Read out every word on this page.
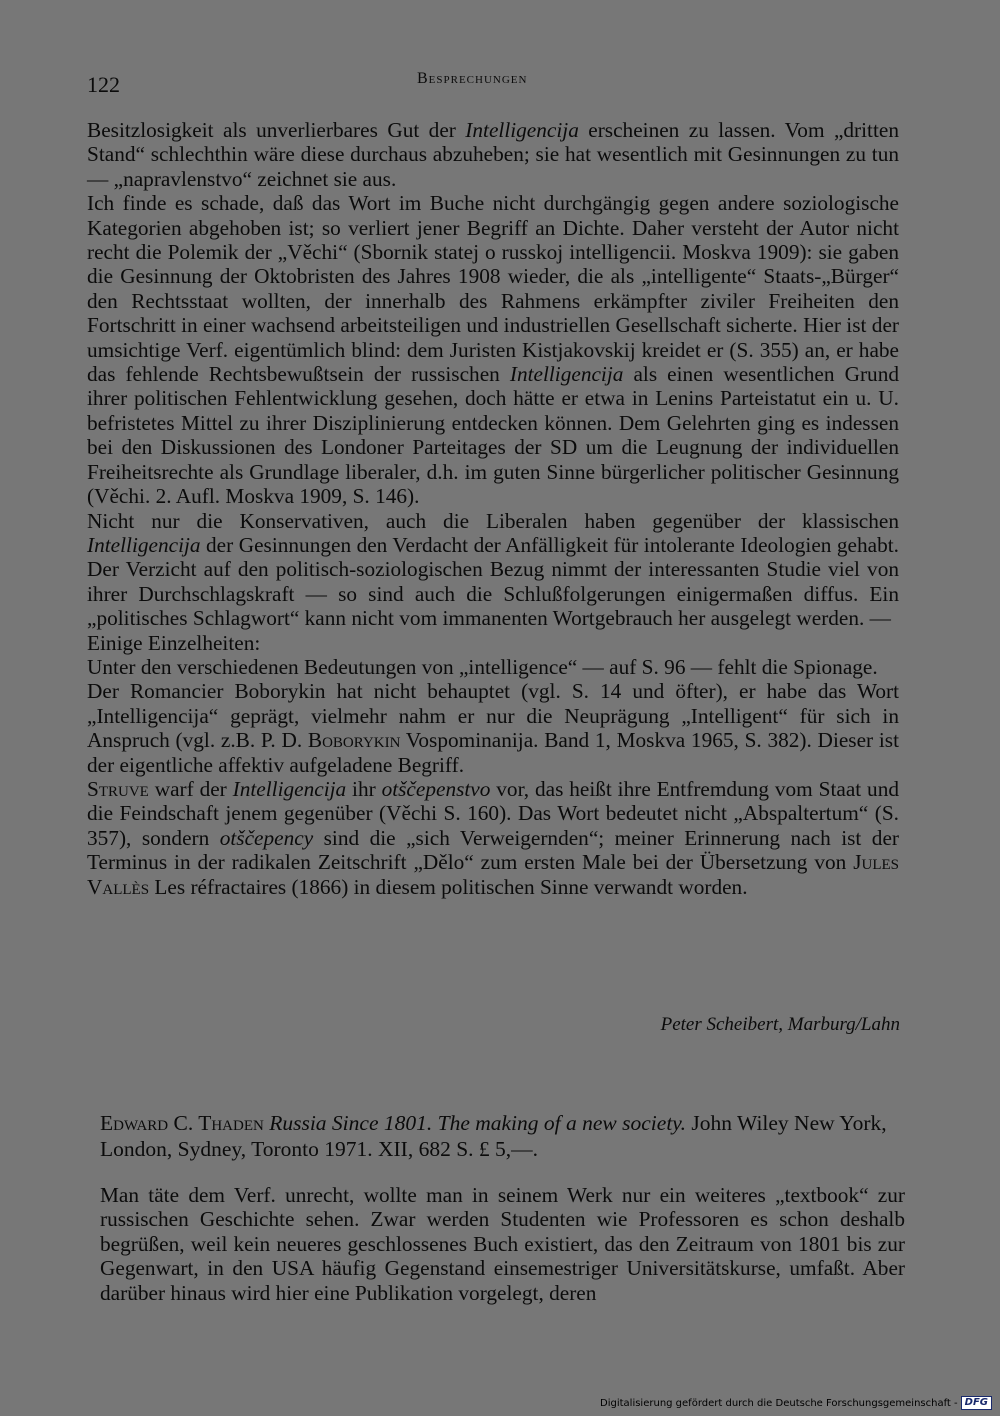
122	Besprechungen

Besitzlosigkeit als unverlierbares Gut der Intelligencija erscheinen zu lassen. Vom „dritten Stand“ schlechthin wäre diese durchaus abzuheben; sie hat wesentlich mit Gesinnungen zu tun — „napravlenstvo“ zeichnet sie aus.

Ich finde es schade, daß das Wort im Buche nicht durchgängig gegen andere soziologische Kategorien abgehoben ist; so verliert jener Begriff an Dichte. Daher versteht der Autor nicht recht die Polemik der „Věchi“ (Sbornik statej o russkoj intelligencii. Moskva 1909): sie gaben die Gesinnung der Oktobristen des Jahres 1908 wieder, die als „intelligente“ Staats-„Bürger“ den Rechtsstaat wollten, der innerhalb des Rahmens erkämpfter ziviler Freiheiten den Fortschritt in einer wachsend arbeitsteiligen und industriellen Gesellschaft sicherte. Hier ist der umsichtige Verf. eigentümlich blind: dem Juristen Kistjakovskij kreidet er (S. 355) an, er habe das fehlende Rechtsbewußtsein der russischen Intelligencija als einen wesentlichen Grund ihrer politischen Fehlentwicklung gesehen, doch hätte er etwa in Lenins Parteistatut ein u. U. befristetes Mittel zu ihrer Disziplinierung entdecken können. Dem Gelehrten ging es indessen bei den Diskussionen des Londoner Parteitages der SD um die Leugnung der individuellen Freiheitsrechte als Grundlage liberaler, d.h. im guten Sinne bürgerlicher politischer Gesinnung (Věchi. 2. Aufl. Moskva 1909, S. 146).

Nicht nur die Konservativen, auch die Liberalen haben gegenüber der klassischen Intelligencija der Gesinnungen den Verdacht der Anfälligkeit für intolerante Ideologien gehabt. Der Verzicht auf den politisch-soziologischen Bezug nimmt der interessanten Studie viel von ihrer Durchschlagskraft — so sind auch die Schlußfolgerungen einigermaßen diffus. Ein „politisches Schlagwort“ kann nicht vom immanenten Wortgebrauch her ausgelegt werden. —

Einige Einzelheiten:

Unter den verschiedenen Bedeutungen von „intelligence“ — auf S. 96 — fehlt die Spionage.

Der Romancier Boborykin hat nicht behauptet (vgl. S. 14 und öfter), er habe das Wort „Intelligencija“ geprägt, vielmehr nahm er nur die Neuprägung „Intelligent“ für sich in Anspruch (vgl. z.B. P. D. Boborykin Vospominanija. Band 1, Moskva 1965, S. 382). Dieser ist der eigentliche affektiv aufgeladene Begriff.

Struve warf der Intelligencija ihr otščepenstvo vor, das heißt ihre Entfremdung vom Staat und die Feindschaft jenem gegenüber (Věchi S. 160). Das Wort bedeutet nicht „Abspaltertum“ (S. 357), sondern otščepency sind die „sich Verweigernden“; meiner Erinnerung nach ist der Terminus in der radikalen Zeitschrift „Dělo“ zum ersten Male bei der Übersetzung von Jules Vallès Les réfractaires (1866) in diesem politischen Sinne verwandt worden.

Peter Scheibert, Marburg/Lahn

Edward C. Thaden Russia Since 1801. The making of a new society. John Wiley New York, London, Sydney, Toronto 1971. XII, 682 S. £ 5,—.

Man täte dem Verf. unrecht, wollte man in seinem Werk nur ein weiteres „textbook“ zur russischen Geschichte sehen. Zwar werden Studenten wie Professoren es schon deshalb begrüßen, weil kein neueres geschlossenes Buch existiert, das den Zeitraum von 1801 bis zur Gegenwart, in den USA häufig Gegenstand einsemestriger Universitätskurse, umfaßt. Aber darüber hinaus wird hier eine Publikation vorgelegt, deren

Digitalisierung gefördert durch die Deutsche Forschungsgemeinschaft - DFG
